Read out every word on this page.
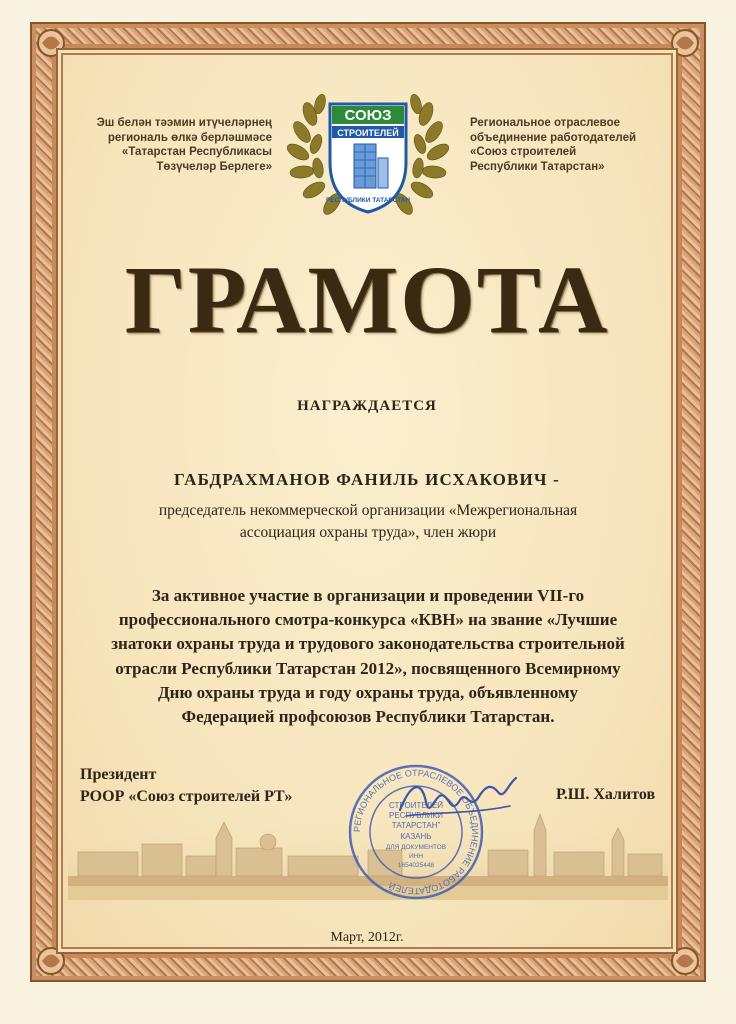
Эш белән тәэмин итүчеләрнең
региональ өлкә берләшмәсе
«Татарстан Республикасы
Төзүчеләр Берлеге»
Региональное отраслевое
объединение работодателей
«Союз строителей
Республики Татарстан»
СОЮЗ
СТРОИТЕЛЕЙ
РЕСПУБЛИКИ ТАТАРСТАН
ГРАМОТА
НАГРАЖДАЕТСЯ
ГАБДРАХМАНОВ ФАНИЛЬ ИСХАКОВИЧ -
председатель некоммерческой организации «Межрегиональная
ассоциация охраны труда», член жюри
За активное участие в организации и проведении VII-го
профессионального смотра-конкурса «КВН» на звание «Лучшие
знатоки охраны труда и трудового законодательства строительной
отрасли Республики Татарстан 2012», посвященного Всемирному
Дню охраны труда и году охраны труда, объявленному
Федерацией профсоюзов Республики Татарстан.
Президент
РООР «Союз строителей РТ»
РЕГИОНАЛЬНОЕ ОТРАСЛЕВОЕ ОБЪЕДИНЕНИЕ РАБОТОДАТЕЛЕЙ
СТРОИТЕЛЕЙ
РЕСПУБЛИКИ
ТАТАРСТАН”
КАЗАНЬ
ДЛЯ ДОКУМЕНТОВ
ИНН
1654025448
Р.Ш. Халитов
Март, 2012г.
